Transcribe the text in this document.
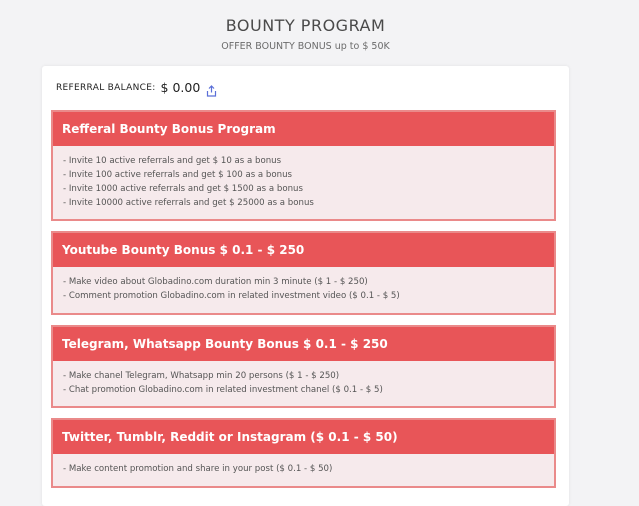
BOUNTY PROGRAM
OFFER BOUNTY BONUS up to $ 50K
REFERRAL BALANCE: $ 0.00
Refferal Bounty Bonus Program
- Invite 10 active referrals and get $ 10 as a bonus
- Invite 100 active referrals and get $ 100 as a bonus
- Invite 1000 active referrals and get $ 1500 as a bonus
- Invite 10000 active referrals and get $ 25000 as a bonus
Youtube Bounty Bonus $ 0.1 - $ 250
- Make video about Globadino.com duration min 3 minute ($ 1 - $ 250)
- Comment promotion Globadino.com in related investment video ($ 0.1 - $ 5)
Telegram, Whatsapp Bounty Bonus $ 0.1 - $ 250
- Make chanel Telegram, Whatsapp min 20 persons ($ 1 - $ 250)
- Chat promotion Globadino.com in related investment chanel ($ 0.1 - $ 5)
Twitter, Tumblr, Reddit or Instagram ($ 0.1 - $ 50)
- Make content promotion and share in your post ($ 0.1 - $ 50)
